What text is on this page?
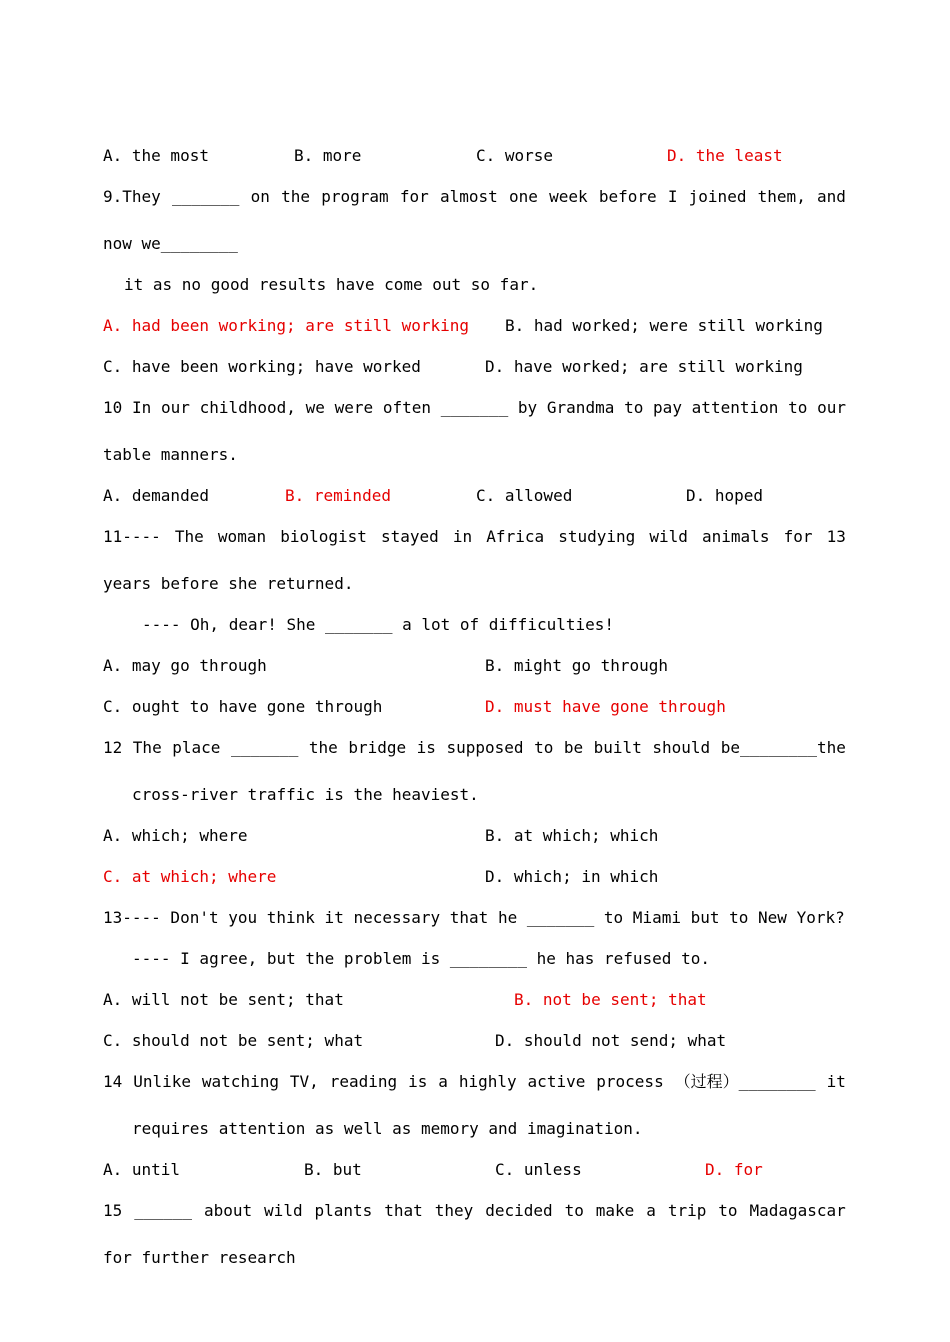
A. the most	B. more	C. worse	D. the least
9.They _______ on the program for almost one week before I joined them, and
now we________
it as no good results have come out so far.
A. had been working; are still working B. had worked; were still working
C. have been working; have worked	D. have worked; are still working
10 In our childhood, we were often _______ by Grandma to pay attention to our
table manners.
A. demanded	B. reminded	C. allowed	D. hoped
11---- The woman biologist stayed in Africa studying wild animals for 13
years before she returned.
---- Oh, dear! She _______ a lot of difficulties!
A. may go through	B. might go through
C. ought to have gone through	D. must have gone through
12 The place _______ the bridge is supposed to be built should be________the
cross-river traffic is the heaviest.
A. which; where	B. at which; which
C. at which; where	D. which; in which
13---- Don't you think it necessary that he _______ to Miami but to New York?
---- I agree, but the problem is ________ he has refused to.
A. will not be sent; that	B. not be sent; that
C. should not be sent; what	D. should not send; what
14 Unlike watching TV, reading is a highly active process （过程）________ it
requires attention as well as memory and imagination.
A. until	B. but	C. unless	D. for
15 ______ about wild plants that they decided to make a trip to Madagascar
for further research
